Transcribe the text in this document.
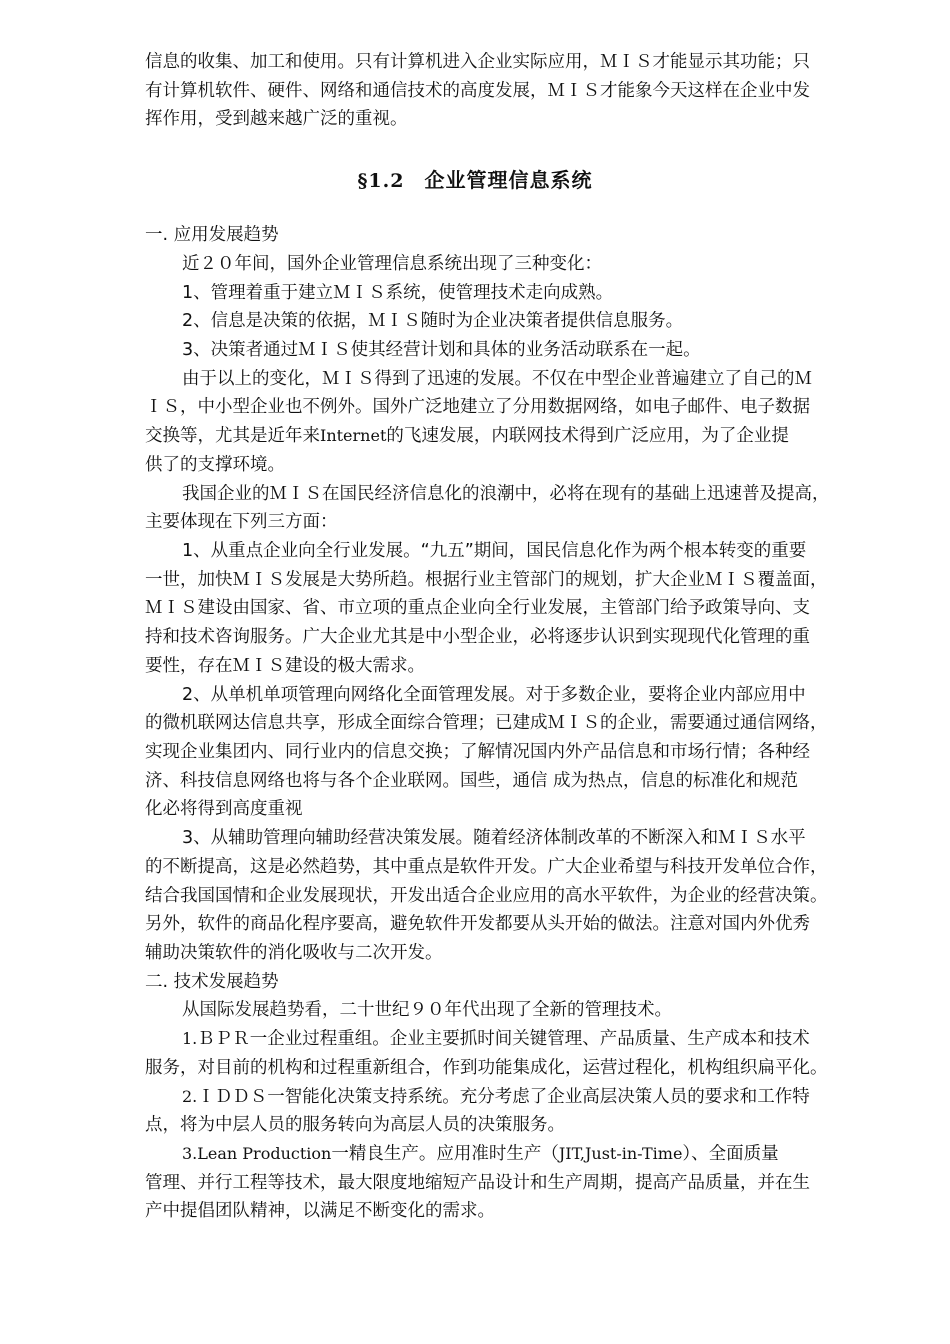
信息的收集、加工和使用。只有计算机进入企业实际应用，ＭＩＳ才能显示其功能；只

有计算机软件、硬件、网络和通信技术的高度发展，ＭＩＳ才能象今天这样在企业中发

挥作用，受到越来越广泛的重视。

§1.2 企业管理信息系统

一. 应用发展趋势

近２０年间，国外企业管理信息系统出现了三种变化：

1、管理着重于建立ＭＩＳ系统，使管理技术走向成熟。

2、信息是决策的依据，ＭＩＳ随时为企业决策者提供信息服务。

3、决策者通过ＭＩＳ使其经营计划和具体的业务活动联系在一起。

由于以上的变化，ＭＩＳ得到了迅速的发展。不仅在中型企业普遍建立了自己的Ｍ

ＩＳ，中小型企业也不例外。国外广泛地建立了分用数据网络，如电子邮件、电子数据

交换等，尤其是近年来Internet的飞速发展，内联网技术得到广泛应用，为了企业提

供了的支撑环境。

我国企业的ＭＩＳ在国民经济信息化的浪潮中，必将在现有的基础上迅速普及提高，

主要体现在下列三方面：

1、从重点企业向全行业发展。“九五”期间，国民信息化作为两个根本转变的重要

一世，加快ＭＩＳ发展是大势所趋。根据行业主管部门的规划，扩大企业ＭＩＳ覆盖面，

ＭＩＳ建设由国家、省、市立项的重点企业向全行业发展，主管部门给予政策导向、支

持和技术咨询服务。广大企业尤其是中小型企业，必将逐步认识到实现现代化管理的重

要性，存在ＭＩＳ建设的极大需求。

2、从单机单项管理向网络化全面管理发展。对于多数企业，要将企业内部应用中

的微机联网达信息共享，形成全面综合管理；已建成ＭＩＳ的企业，需要通过通信网络，

实现企业集团内、同行业内的信息交换；了解情况国内外产品信息和市场行情；各种经

济、科技信息网络也将与各个企业联网。国些，通信 成为热点，信息的标准化和规范

化必将得到高度重视

3、从辅助管理向辅助经营决策发展。随着经济体制改革的不断深入和ＭＩＳ水平

的不断提高，这是必然趋势，其中重点是软件开发。广大企业希望与科技开发单位合作，

结合我国国情和企业发展现状，开发出适合企业应用的高水平软件，为企业的经营决策。

另外，软件的商品化程序要高，避免软件开发都要从头开始的做法。注意对国内外优秀

辅助决策软件的消化吸收与二次开发。

二. 技术发展趋势

从国际发展趋势看，二十世纪９０年代出现了全新的管理技术。

1.ＢＰＲ一企业过程重组。企业主要抓时间关键管理、产品质量、生产成本和技术

服务，对目前的机构和过程重新组合，作到功能集成化，运营过程化，机构组织扁平化。

2.ＩＤＤＳ一智能化决策支持系统。充分考虑了企业高层决策人员的要求和工作特

点，将为中层人员的服务转向为高层人员的决策服务。

3.Lean Production一精良生产。应用准时生产（JIT,Just-in-Time）、全面质量

管理、并行工程等技术，最大限度地缩短产品设计和生产周期，提高产品质量，并在生

产中提倡团队精神，以满足不断变化的需求。
